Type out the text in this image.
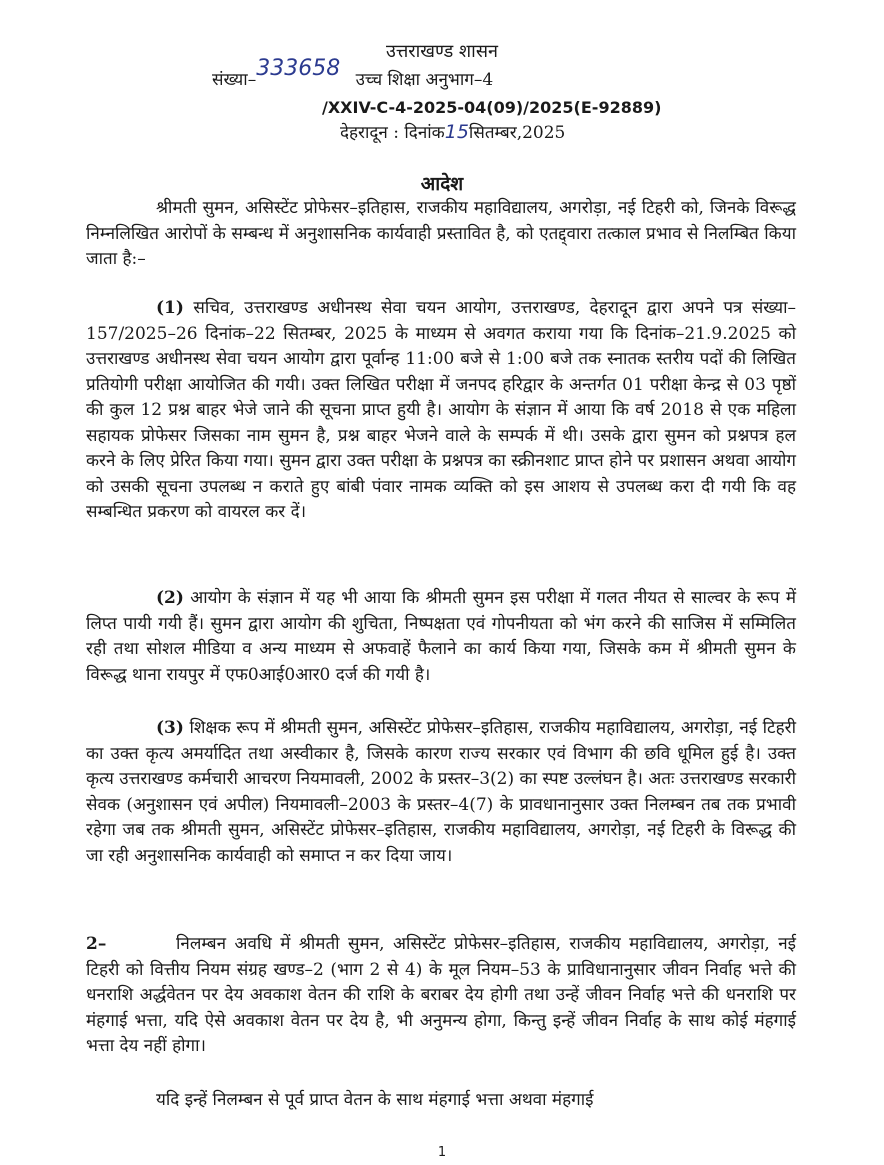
उत्तराखण्ड शासन
संख्या–333658 उच्च शिक्षा अनुभाग–4
/XXIV-C-4-2025-04(09)/2025(E-92889)
देहरादून : दिनांक15सितम्बर,2025
आदेश
श्रीमती सुमन, असिस्टेंट प्रोफेसर–इतिहास, राजकीय महाविद्यालय, अगरोड़ा, नई टिहरी को, जिनके विरूद्ध निम्नलिखित आरोपों के सम्बन्ध में अनुशासनिक कार्यवाही प्रस्तावित है, को एतद्द्वारा तत्काल प्रभाव से निलम्बित किया जाता है:–
(1) सचिव, उत्तराखण्ड अधीनस्थ सेवा चयन आयोग, उत्तराखण्ड, देहरादून द्वारा अपने पत्र संख्या–157/2025–26 दिनांक–22 सितम्बर, 2025 के माध्यम से अवगत कराया गया कि दिनांक–21.9.2025 को उत्तराखण्ड अधीनस्थ सेवा चयन आयोग द्वारा पूर्वान्ह 11:00 बजे से 1:00 बजे तक स्नातक स्तरीय पदों की लिखित प्रतियोगी परीक्षा आयोजित की गयी। उक्त लिखित परीक्षा में जनपद हरिद्वार के अन्तर्गत 01 परीक्षा केन्द्र से 03 पृष्ठों की कुल 12 प्रश्न बाहर भेजे जाने की सूचना प्राप्त हुयी है। आयोग के संज्ञान में आया कि वर्ष 2018 से एक महिला सहायक प्रोफेसर जिसका नाम सुमन है, प्रश्न बाहर भेजने वाले के सम्पर्क में थी। उसके द्वारा सुमन को प्रश्नपत्र हल करने के लिए प्रेरित किया गया। सुमन द्वारा उक्त परीक्षा के प्रश्नपत्र का स्क्रीनशाट प्राप्त होने पर प्रशासन अथवा आयोग को उसकी सूचना उपलब्ध न कराते हुए बांबी पंवार नामक व्यक्ति को इस आशय से उपलब्ध करा दी गयी कि वह सम्बन्धित प्रकरण को वायरल कर दें।
(2) आयोग के संज्ञान में यह भी आया कि श्रीमती सुमन इस परीक्षा में गलत नीयत से साल्वर के रूप में लिप्त पायी गयी हैं। सुमन द्वारा आयोग की शुचिता, निष्पक्षता एवं गोपनीयता को भंग करने की साजिस में सम्मिलित रही तथा सोशल मीडिया व अन्य माध्यम से अफवाहें फैलाने का कार्य किया गया, जिसके कम में श्रीमती सुमन के विरूद्ध थाना रायपुर में एफ0आई0आर0 दर्ज की गयी है।
(3) शिक्षक रूप में श्रीमती सुमन, असिस्टेंट प्रोफेसर–इतिहास, राजकीय महाविद्यालय, अगरोड़ा, नई टिहरी का उक्त कृत्य अमर्यादित तथा अस्वीकार है, जिसके कारण राज्य सरकार एवं विभाग की छवि धूमिल हुई है। उक्त कृत्य उत्तराखण्ड कर्मचारी आचरण नियमावली, 2002 के प्रस्तर–3(2) का स्पष्ट उल्लंघन है। अतः उत्तराखण्ड सरकारी सेवक (अनुशासन एवं अपील) नियमावली–2003 के प्रस्तर–4(7) के प्रावधानानुसार उक्त निलम्बन तब तक प्रभावी रहेगा जब तक श्रीमती सुमन, असिस्टेंट प्रोफेसर–इतिहास, राजकीय महाविद्यालय, अगरोड़ा, नई टिहरी के विरूद्ध की जा रही अनुशासनिक कार्यवाही को समाप्त न कर दिया जाय।
2–	निलम्बन अवधि में श्रीमती सुमन, असिस्टेंट प्रोफेसर–इतिहास, राजकीय महाविद्यालय, अगरोड़ा, नई टिहरी को वित्तीय नियम संग्रह खण्ड–2 (भाग 2 से 4) के मूल नियम–53 के प्राविधानानुसार जीवन निर्वाह भत्ते की धनराशि अर्द्धवेतन पर देय अवकाश वेतन की राशि के बराबर देय होगी तथा उन्हें जीवन निर्वाह भत्ते की धनराशि पर मंहगाई भत्ता, यदि ऐसे अवकाश वेतन पर देय है, भी अनुमन्य होगा, किन्तु इन्हें जीवन निर्वाह के साथ कोई मंहगाई भत्ता देय नहीं होगा।
यदि इन्हें निलम्बन से पूर्व प्राप्त वेतन के साथ मंहगाई भत्ता अथवा मंहगाई
1
